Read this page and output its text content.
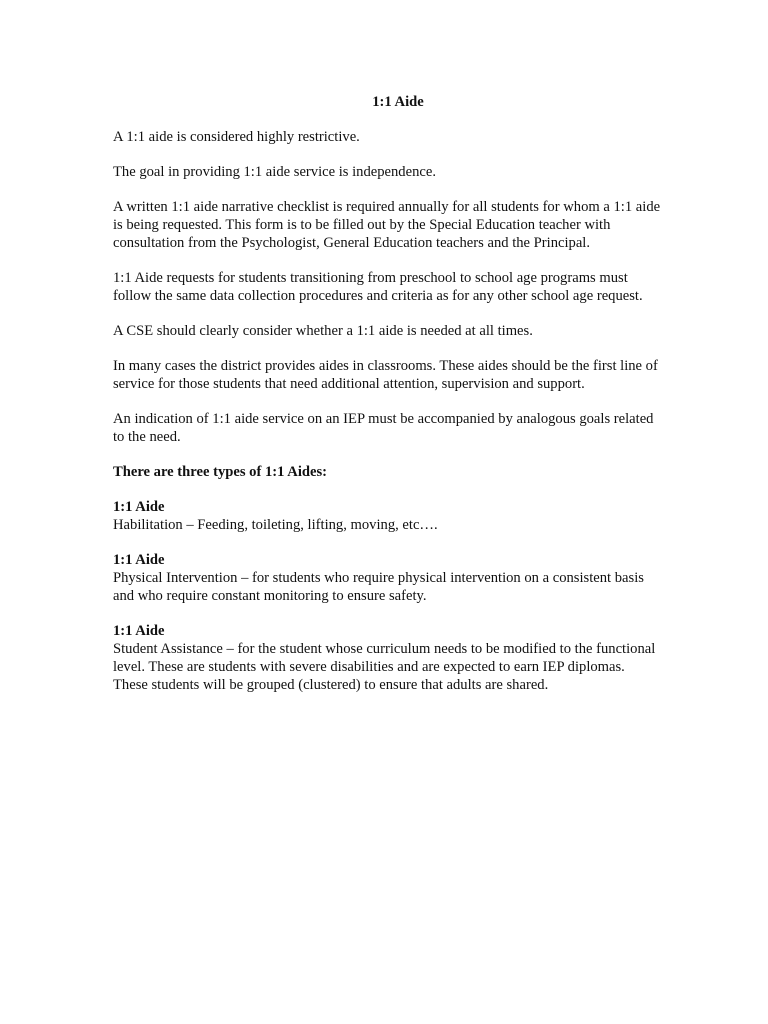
1:1 Aide

A 1:1 aide is considered highly restrictive.

The goal in providing 1:1 aide service is independence.

A written 1:1 aide narrative checklist is required annually for all students for whom a 1:1 aide is being requested. This form is to be filled out by the Special Education teacher with consultation from the Psychologist, General Education teachers and the Principal.

1:1 Aide requests for students transitioning from preschool to school age programs must follow the same data collection procedures and criteria as for any other school age request.

A CSE should clearly consider whether a 1:1 aide is needed at all times.

In many cases the district provides aides in classrooms. These aides should be the first line of service for those students that need additional attention, supervision and support.

An indication of 1:1 aide service on an IEP must be accompanied by analogous goals related to the need.

There are three types of 1:1 Aides:

1:1 Aide
Habilitation – Feeding, toileting, lifting, moving, etc….
1:1 Aide
Physical Intervention – for students who require physical intervention on a consistent basis and who require constant monitoring to ensure safety.
1:1 Aide
Student Assistance – for the student whose curriculum needs to be modified to the functional level. These are students with severe disabilities and are expected to earn IEP diplomas. These students will be grouped (clustered) to ensure that adults are shared.
